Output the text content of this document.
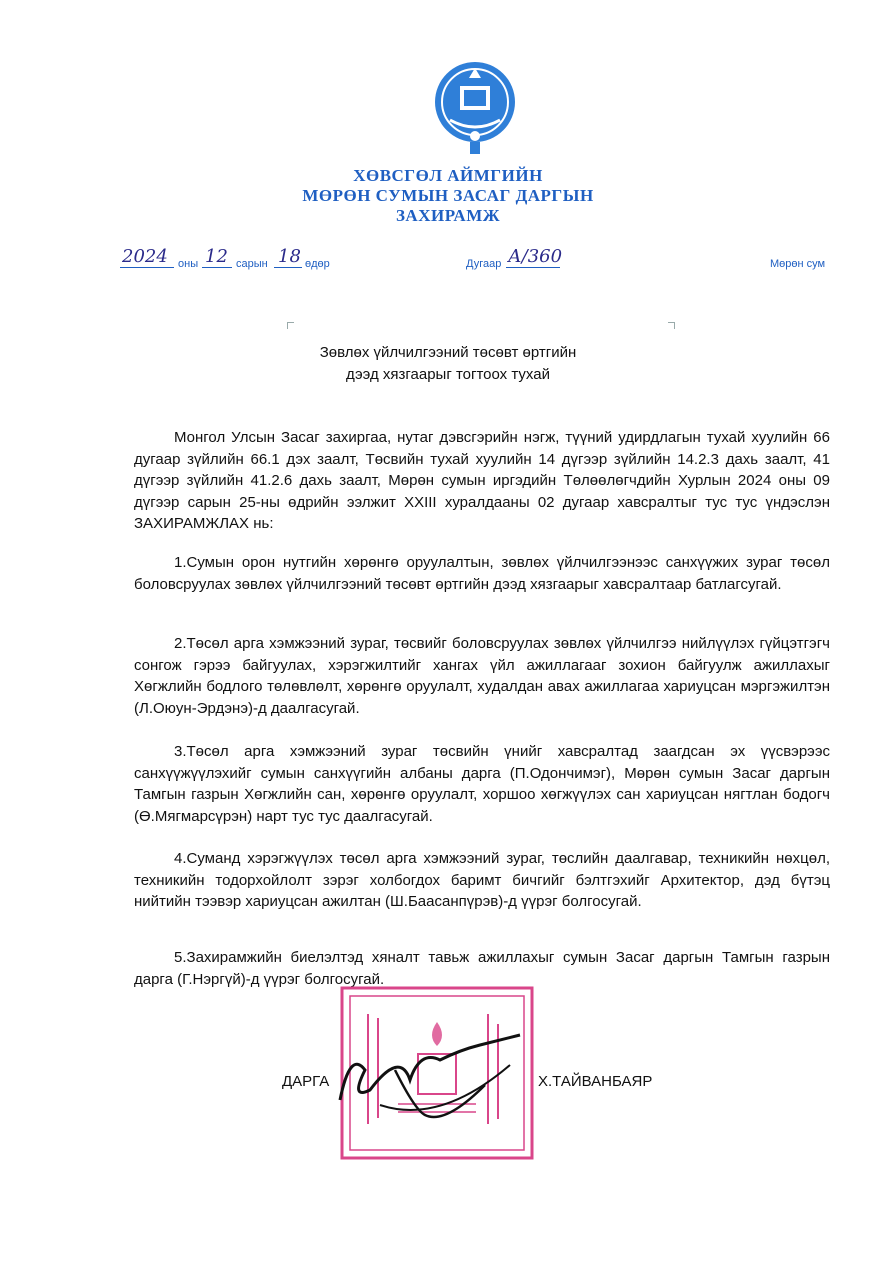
ХӨВСГӨЛ АЙМГИЙН
МӨРӨН СУМЫН ЗАСАГ ДАРГЫН
ЗАХИРАМЖ
2024 оны 12 сарын 18 өдөр	Дугаар А/360	Мөрөн сум
Зөвлөх үйлчилгээний төсөвт өртгийн
дээд хязгаарыг тогтоох тухай
Монгол Улсын Засаг захиргаа, нутаг дэвсгэрийн нэгж, түүний удирдлагын тухай хуулийн 66 дугаар зүйлийн 66.1 дэх заалт, Төсвийн тухай хуулийн 14 дүгээр зүйлийн 14.2.3 дахь заалт, 41 дүгээр зүйлийн 41.2.6 дахь заалт, Мөрөн сумын иргэдийн Төлөөлөгчдийн Хурлын 2024 оны 09 дүгээр сарын 25-ны өдрийн ээлжит XXIII хуралдааны 02 дугаар хавсралтыг тус тус үндэслэн ЗАХИРАМЖЛАХ нь:
1.Сумын орон нутгийн хөрөнгө оруулалтын, зөвлөх үйлчилгээнээс санхүүжих зураг төсөл боловсруулах зөвлөх үйлчилгээний төсөвт өртгийн дээд хязгаарыг хавсралтаар батлагсугай.
2.Төсөл арга хэмжээний зураг, төсвийг боловсруулах зөвлөх үйлчилгээ нийлүүлэх гүйцэтгэгч сонгож гэрээ байгуулах, хэрэгжилтийг хангах үйл ажиллагааг зохион байгуулж ажиллахыг Хөгжлийн бодлого төлөвлөлт, хөрөнгө оруулалт, худалдан авах ажиллагаа хариуцсан мэргэжилтэн (Л.Оюун-Эрдэнэ)-д даалгасугай.
3.Төсөл арга хэмжээний зураг төсвийн үнийг хавсралтад заагдсан эх үүсвэрээс санхүүжүүлэхийг сумын санхүүгийн албаны дарга (П.Одончимэг), Мөрөн сумын Засаг даргын Тамгын газрын Хөгжлийн сан, хөрөнгө оруулалт, хоршоо хөгжүүлэх сан хариуцсан нягтлан бодогч (Ө.Мягмарсүрэн) нарт тус тус даалгасугай.
4.Суманд хэрэгжүүлэх төсөл арга хэмжээний зураг, төслийн даалгавар, техникийн нөхцөл, техникийн тодорхойлолт зэрэг холбогдох баримт бичгийг бэлтгэхийг Архитектор, дэд бүтэц нийтийн тээвэр хариуцсан ажилтан (Ш.Баасанпүрэв)-д үүрэг болгосугай.
5.Захирамжийн биелэлтэд хяналт тавьж ажиллахыг сумын Засаг даргын Тамгын газрын дарга (Г.Нэргүй)-д үүрэг болгосугай.
ДАРГА	Х.ТАЙВАНБАЯР
